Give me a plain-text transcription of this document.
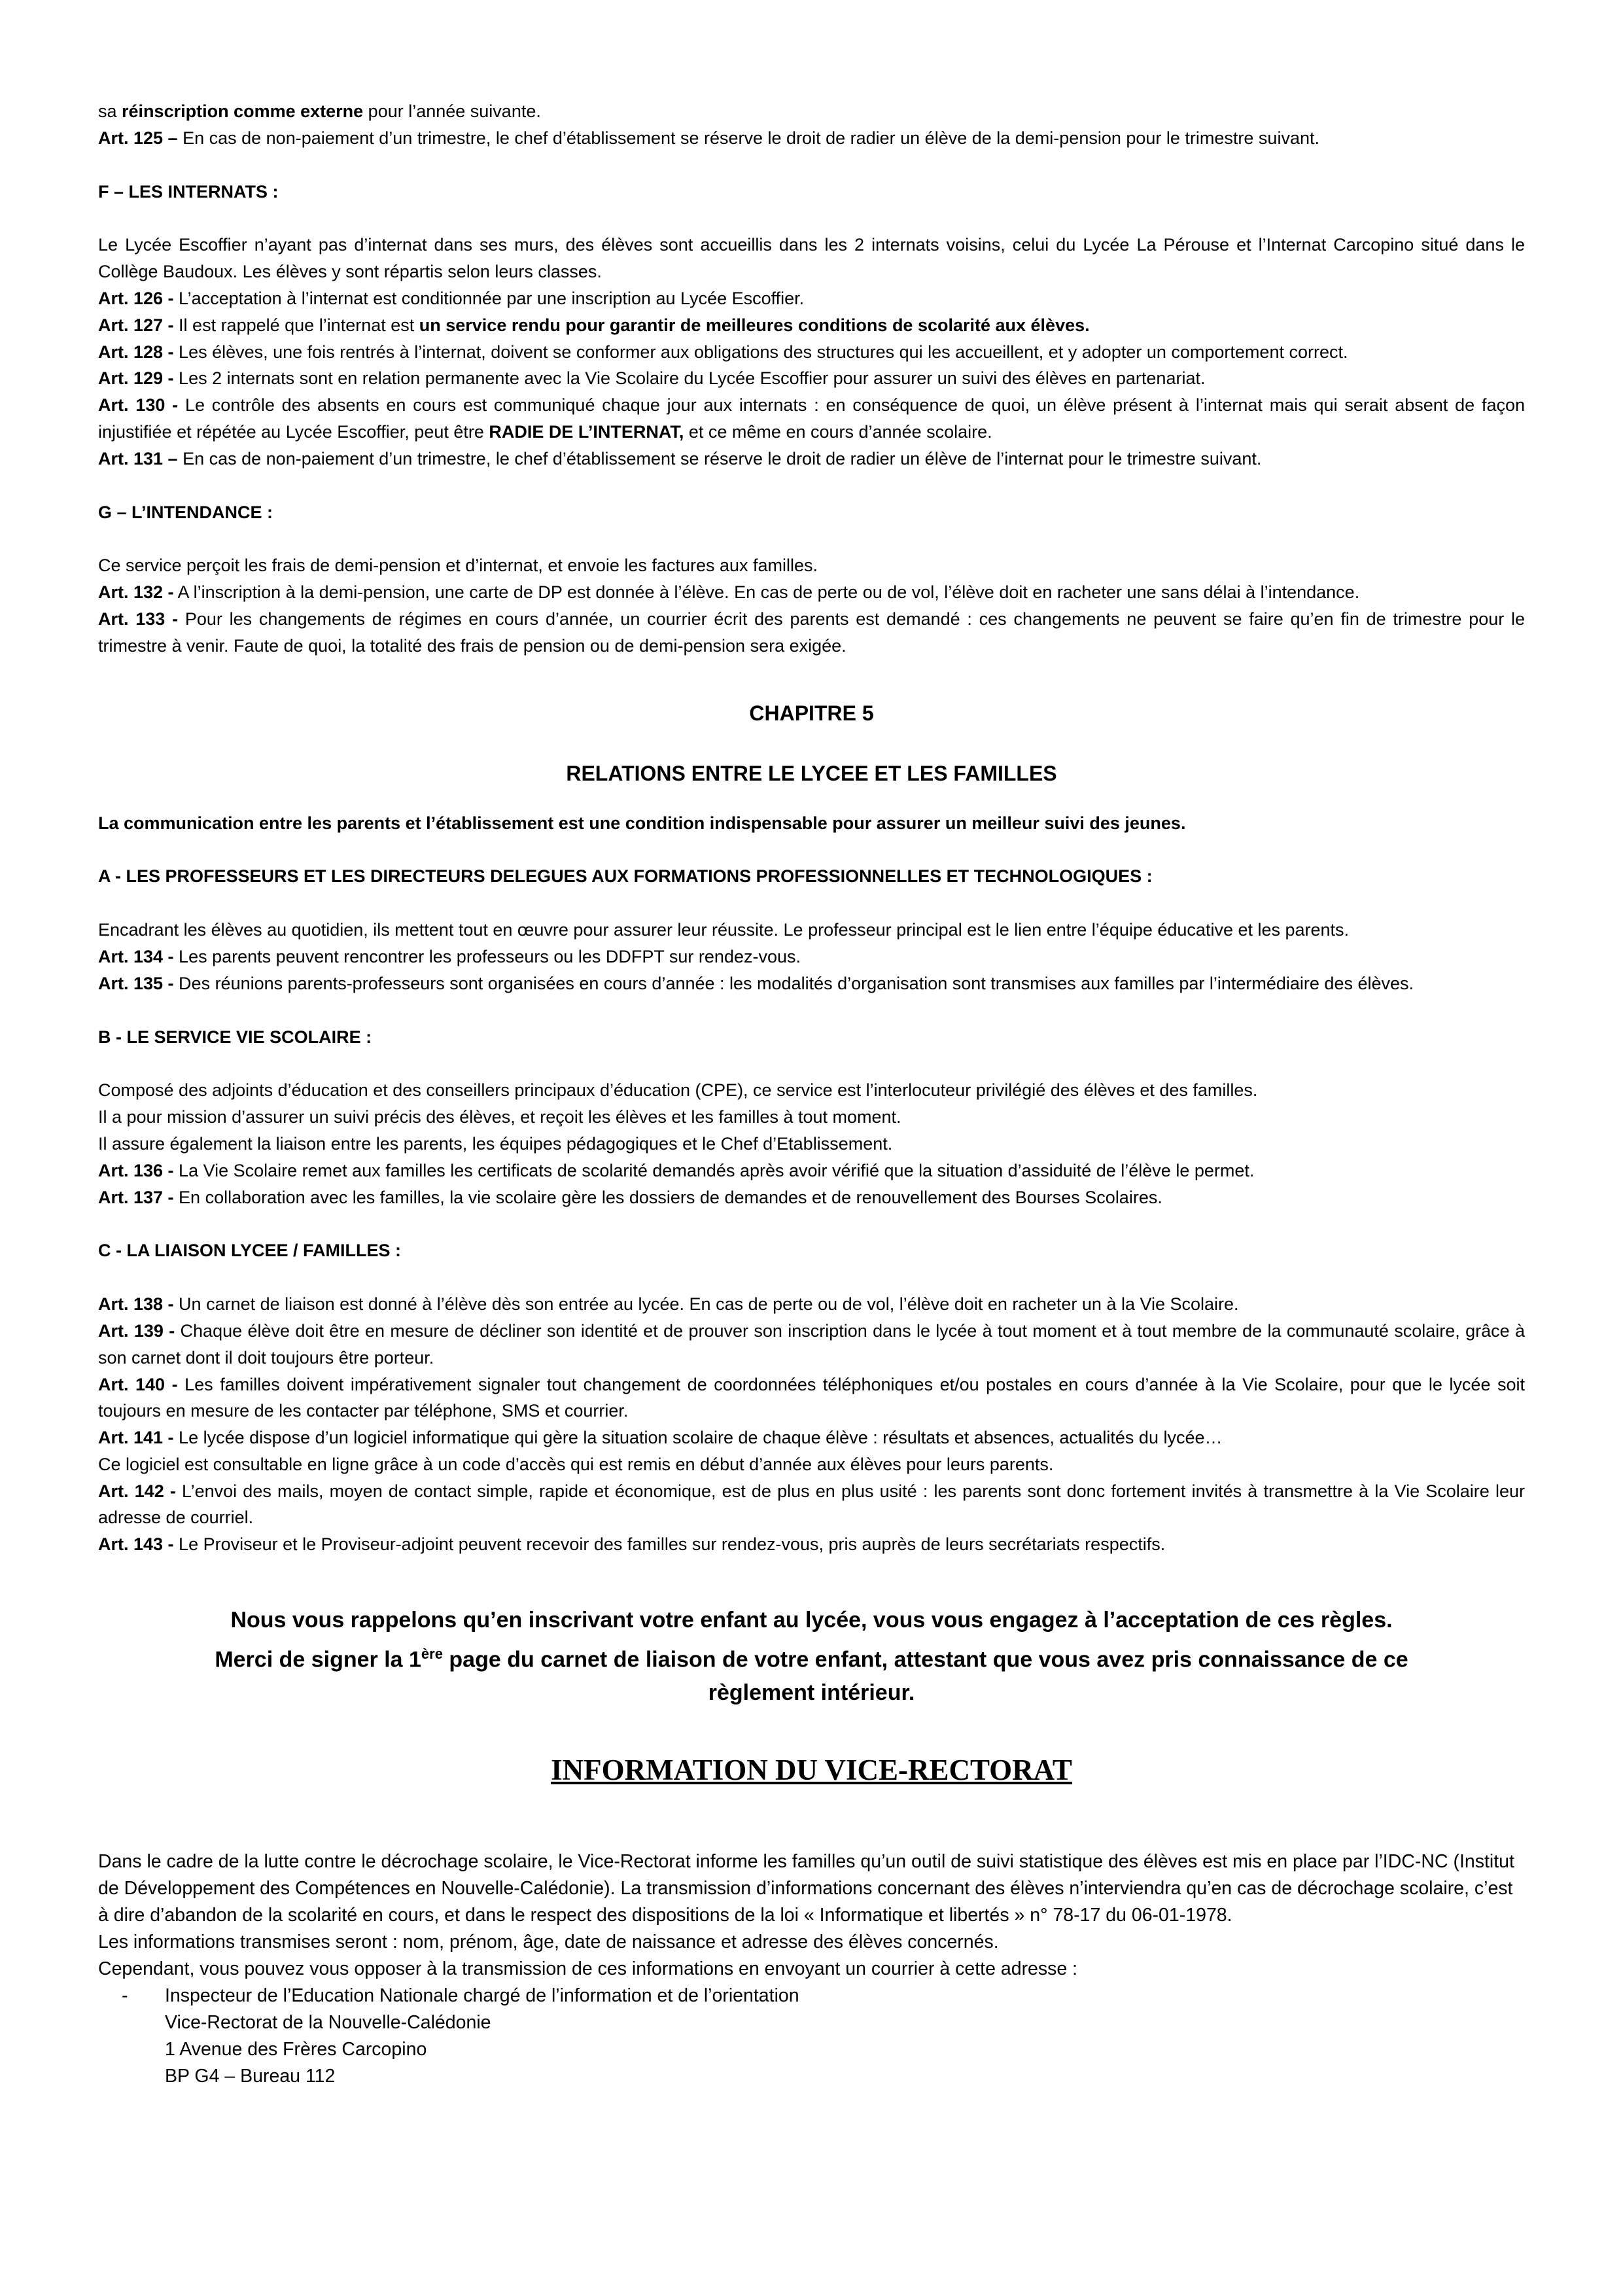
sa réinscription comme externe pour l’année suivante.

Art. 125 – En cas de non-paiement d’un trimestre, le chef d’établissement se réserve le droit de radier un élève de la demi-pension pour le trimestre suivant.

F – LES INTERNATS :

Le Lycée Escoffier n’ayant pas d’internat dans ses murs, des élèves sont accueillis dans les 2 internats voisins, celui du Lycée La Pérouse et l’Internat Carcopino situé dans le Collège Baudoux. Les élèves y sont répartis selon leurs classes.

Art. 126 - L’acceptation à l’internat est conditionnée par une inscription au Lycée Escoffier.

Art. 127 - Il est rappelé que l’internat est un service rendu pour garantir de meilleures conditions de scolarité aux élèves.

Art. 128 - Les élèves, une fois rentrés à l’internat, doivent se conformer aux obligations des structures qui les accueillent, et y adopter un comportement correct.

Art. 129 - Les 2 internats sont en relation permanente avec la Vie Scolaire du Lycée Escoffier pour assurer un suivi des élèves en partenariat.

Art. 130 - Le contrôle des absents en cours est communiqué chaque jour aux internats : en conséquence de quoi, un élève présent à l’internat mais qui serait absent de façon injustifiée et répétée au Lycée Escoffier, peut être RADIE DE L’INTERNAT, et ce même en cours d’année scolaire.

Art. 131 – En cas de non-paiement d’un trimestre, le chef d’établissement se réserve le droit de radier un élève de l’internat pour le trimestre suivant.

G – L’INTENDANCE :

Ce service perçoit les frais de demi-pension et d’internat, et envoie les factures aux familles.

Art. 132 - A l’inscription à la demi-pension, une carte de DP est donnée à l’élève. En cas de perte ou de vol, l’élève doit en racheter une sans délai à l’intendance.

Art. 133 - Pour les changements de régimes en cours d’année, un courrier écrit des parents est demandé : ces changements ne peuvent se faire qu’en fin de trimestre pour le trimestre à venir. Faute de quoi, la totalité des frais de pension ou de demi-pension sera exigée.

CHAPITRE 5

RELATIONS ENTRE LE LYCEE ET LES FAMILLES

La communication entre les parents et l’établissement est une condition indispensable pour assurer un meilleur suivi des jeunes.

A - LES PROFESSEURS ET LES DIRECTEURS DELEGUES AUX FORMATIONS PROFESSIONNELLES ET TECHNOLOGIQUES :

Encadrant les élèves au quotidien, ils mettent tout en œuvre pour assurer leur réussite. Le professeur principal est le lien entre l’équipe éducative et les parents.

Art. 134 - Les parents peuvent rencontrer les professeurs ou les DDFPT sur rendez-vous.

Art. 135 - Des réunions parents-professeurs sont organisées en cours d’année : les modalités d’organisation sont transmises aux familles par l’intermédiaire des élèves.

B - LE SERVICE VIE SCOLAIRE :

Composé des adjoints d’éducation et des conseillers principaux d’éducation (CPE), ce service est l’interlocuteur privilégié des élèves et des familles.

Il a pour mission d’assurer un suivi précis des élèves, et reçoit les élèves et les familles à tout moment.

Il assure également la liaison entre les parents, les équipes pédagogiques et le Chef d’Etablissement.

Art. 136 - La Vie Scolaire remet aux familles les certificats de scolarité demandés après avoir vérifié que la situation d’assiduité de l’élève le permet.

Art. 137 - En collaboration avec les familles, la vie scolaire gère les dossiers de demandes et de renouvellement des Bourses Scolaires.

C - LA LIAISON LYCEE / FAMILLES :

Art. 138 - Un carnet de liaison est donné à l’élève dès son entrée au lycée. En cas de perte ou de vol, l’élève doit en racheter un à la Vie Scolaire.

Art. 139 - Chaque élève doit être en mesure de décliner son identité et de prouver son inscription dans le lycée à tout moment et à tout membre de la communauté scolaire, grâce à son carnet dont il doit toujours être porteur.

Art. 140 - Les familles doivent impérativement signaler tout changement de coordonnées téléphoniques et/ou postales en cours d’année à la Vie Scolaire, pour que le lycée soit toujours en mesure de les contacter par téléphone, SMS et courrier.

Art. 141 - Le lycée dispose d’un logiciel informatique qui gère la situation scolaire de chaque élève : résultats et absences, actualités du lycée…

Ce logiciel est consultable en ligne grâce à un code d’accès qui est remis en début d’année aux élèves pour leurs parents.

Art. 142 - L’envoi des mails, moyen de contact simple, rapide et économique, est de plus en plus usité : les parents sont donc fortement invités à transmettre à la Vie Scolaire leur adresse de courriel.

Art. 143 - Le Proviseur et le Proviseur-adjoint peuvent recevoir des familles sur rendez-vous, pris auprès de leurs secrétariats respectifs.

Nous vous rappelons qu’en inscrivant votre enfant au lycée, vous vous engagez à l’acceptation de ces règles.

Merci de signer la 1ère page du carnet de liaison de votre enfant, attestant que vous avez pris connaissance de ce

règlement intérieur.

INFORMATION DU VICE-RECTORAT

Dans le cadre de la lutte contre le décrochage scolaire, le Vice-Rectorat informe les familles qu’un outil de suivi statistique des élèves est mis en place par l’IDC-NC (Institut de Développement des Compétences en Nouvelle-Calédonie). La transmission d’informations concernant des élèves n’interviendra qu’en cas de décrochage scolaire, c’est à dire d’abandon de la scolarité en cours, et dans le respect des dispositions de la loi « Informatique et libertés » n° 78-17 du 06-01-1978.

Les informations transmises seront : nom, prénom, âge, date de naissance et adresse des élèves concernés.

Cependant, vous pouvez vous opposer à la transmission de ces informations en envoyant un courrier à cette adresse :

- Inspecteur de l’Education Nationale chargé de l’information et de l’orientation

Vice-Rectorat de la Nouvelle-Calédonie

1 Avenue des Frères Carcopino

BP G4 – Bureau 112
